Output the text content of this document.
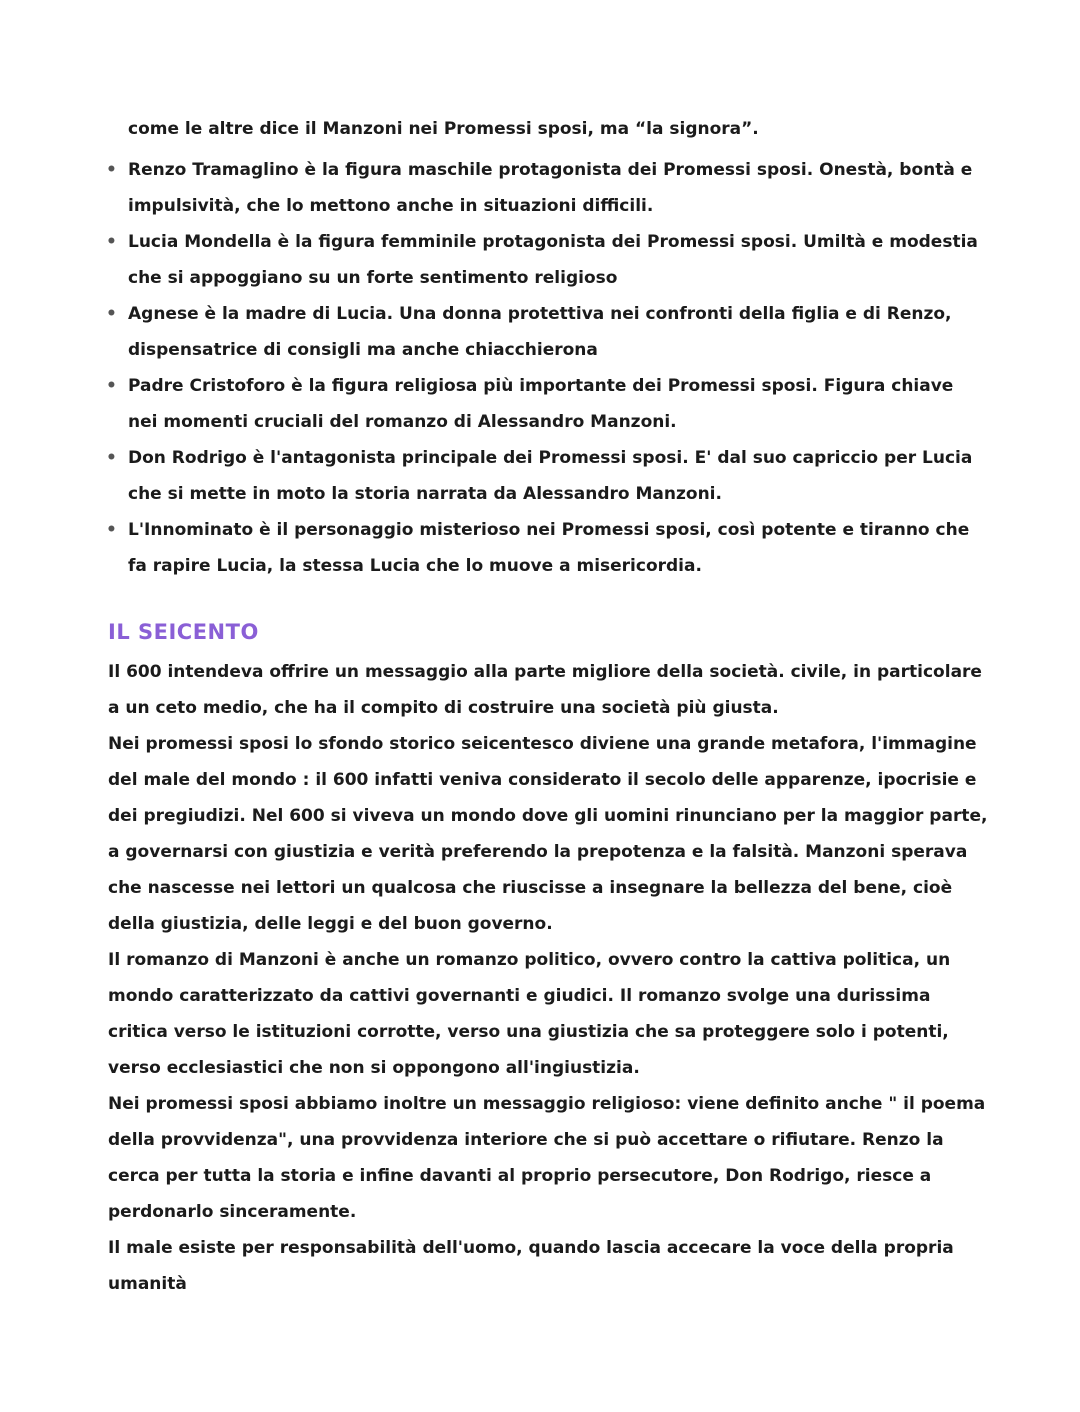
come le altre dice il Manzoni nei Promessi sposi, ma “la signora”.
• Renzo Tramaglino è la figura maschile protagonista dei Promessi sposi. Onestà, bontà e impulsività, che lo mettono anche in situazioni difficili.
• Lucia Mondella è la figura femminile protagonista dei Promessi sposi. Umiltà e modestia che si appoggiano su un forte sentimento religioso
• Agnese è la madre di Lucia. Una donna protettiva nei confronti della figlia e di Renzo, dispensatrice di consigli ma anche chiacchierona
• Padre Cristoforo è la figura religiosa più importante dei Promessi sposi. Figura chiave nei momenti cruciali del romanzo di Alessandro Manzoni.
• Don Rodrigo è l'antagonista principale dei Promessi sposi. E' dal suo capriccio per Lucia che si mette in moto la storia narrata da Alessandro Manzoni.
• L'Innominato è il personaggio misterioso nei Promessi sposi, così potente e tiranno che fa rapire Lucia, la stessa Lucia che lo muove a misericordia.
IL SEICENTO

Il 600 intendeva offrire un messaggio alla parte migliore della società. civile, in particolare a un ceto medio, che ha il compito di costruire una società più giusta.

Nei promessi sposi lo sfondo storico seicentesco diviene una grande metafora, l'immagine del male del mondo : il 600 infatti veniva considerato il secolo delle apparenze, ipocrisie e dei pregiudizi. Nel 600 si viveva un mondo dove gli uomini rinunciano per la maggior parte, a governarsi con giustizia e verità preferendo la prepotenza e la falsità. Manzoni sperava che nascesse nei lettori un qualcosa che riuscisse a insegnare la bellezza del bene, cioè della giustizia, delle leggi e del buon governo.

Il romanzo di Manzoni è anche un romanzo politico, ovvero contro la cattiva politica, un mondo caratterizzato da cattivi governanti e giudici. Il romanzo svolge una durissima critica verso le istituzioni corrotte, verso una giustizia che sa proteggere solo i potenti, verso ecclesiastici che non si oppongono all'ingiustizia.

Nei promessi sposi abbiamo inoltre un messaggio religioso: viene definito anche " il poema della provvidenza", una provvidenza interiore che si può accettare o rifiutare. Renzo la cerca per tutta la storia e infine davanti al proprio persecutore, Don Rodrigo, riesce a perdonarlo sinceramente.

Il male esiste per responsabilità dell'uomo, quando lascia accecare la voce della propria umanità
